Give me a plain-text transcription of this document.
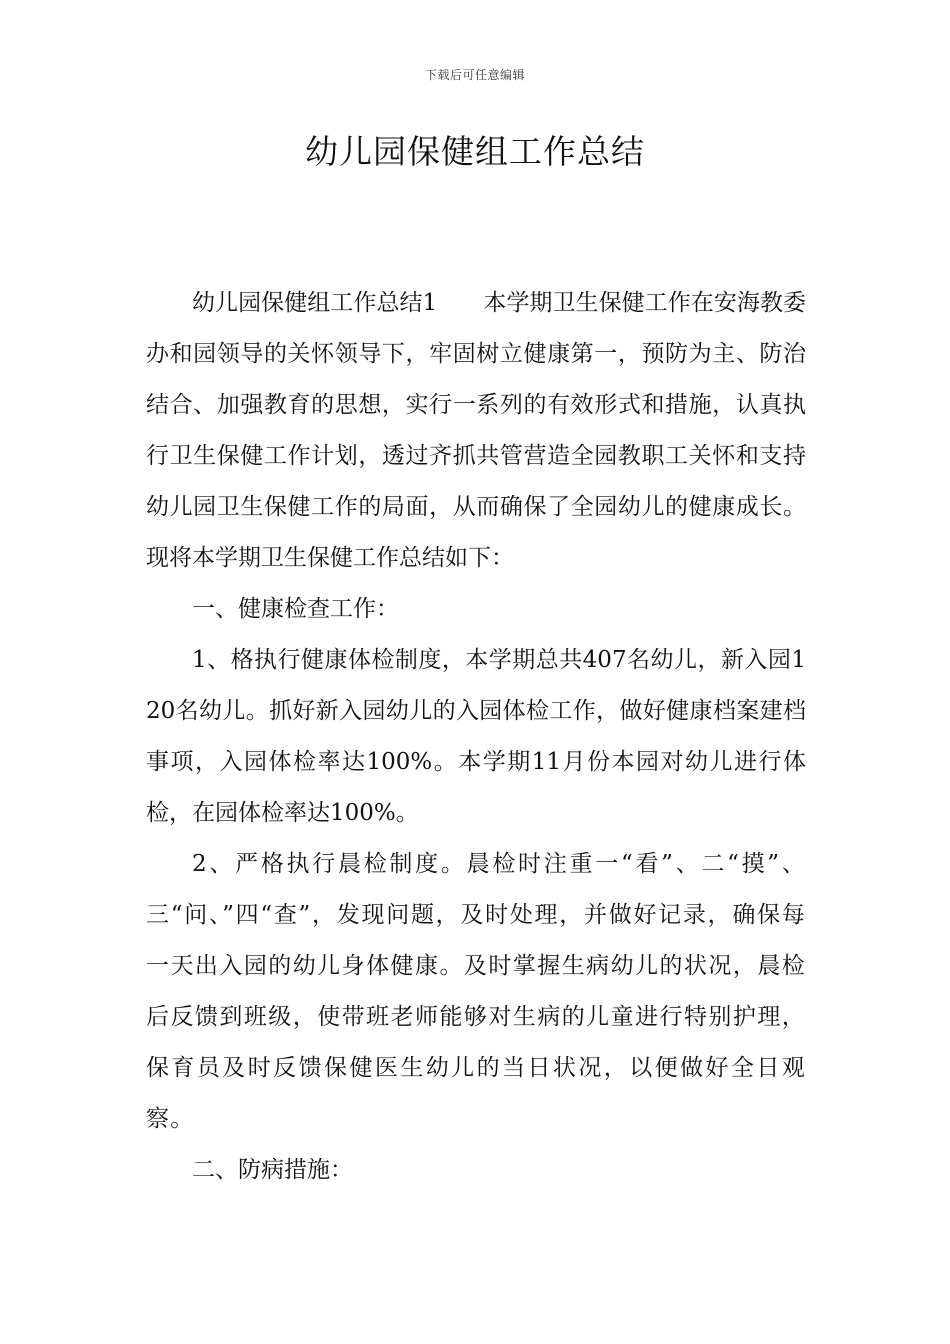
下载后可任意编辑
幼儿园保健组工作总结

幼儿园保健组工作总结1　　本学期卫生保健工作在安海教委办和园领导的关怀领导下，牢固树立健康第一，预防为主、防治结合、加强教育的思想，实行一系列的有效形式和措施，认真执行卫生保健工作计划，透过齐抓共管营造全园教职工关怀和支持幼儿园卫生保健工作的局面，从而确保了全园幼儿的健康成长。现将本学期卫生保健工作总结如下：

一、健康检查工作：

1、格执行健康体检制度，本学期总共407名幼儿，新入园120名幼儿。抓好新入园幼儿的入园体检工作，做好健康档案建档事项，入园体检率达100%。本学期11月份本园对幼儿进行体检，在园体检率达100%。

2、严格执行晨检制度。晨检时注重一“看”、二“摸”、三“问、”四“查”，发现问题，及时处理，并做好记录，确保每一天出入园的幼儿身体健康。及时掌握生病幼儿的状况，晨检后反馈到班级，使带班老师能够对生病的儿童进行特别护理，保育员及时反馈保健医生幼儿的当日状况，以便做好全日观察。

二、防病措施：
